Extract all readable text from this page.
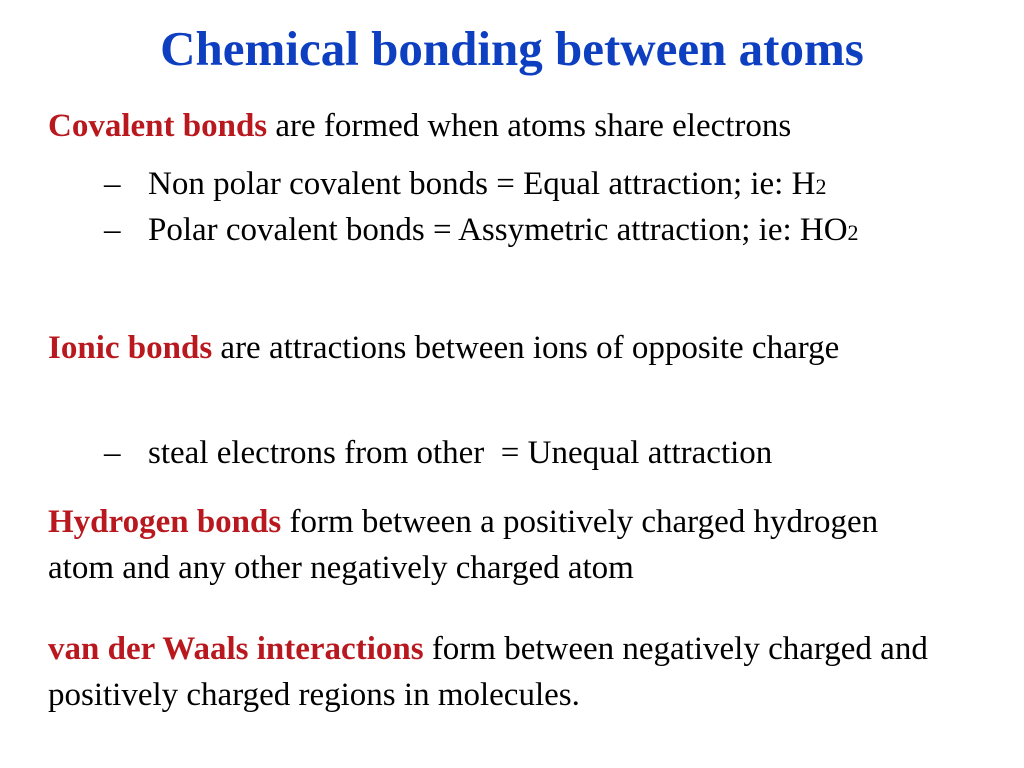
Chemical bonding between atoms
Covalent bonds are formed when atoms share electrons
– Non polar covalent bonds = Equal attraction; ie: H2
– Polar covalent bonds = Assymetric attraction; ie: HO2
Ionic bonds are attractions between ions of opposite charge
– steal electrons from other  = Unequal attraction
Hydrogen bonds form between a positively charged hydrogen atom and any other negatively charged atom
van der Waals interactions form between negatively charged and positively charged regions in molecules.
